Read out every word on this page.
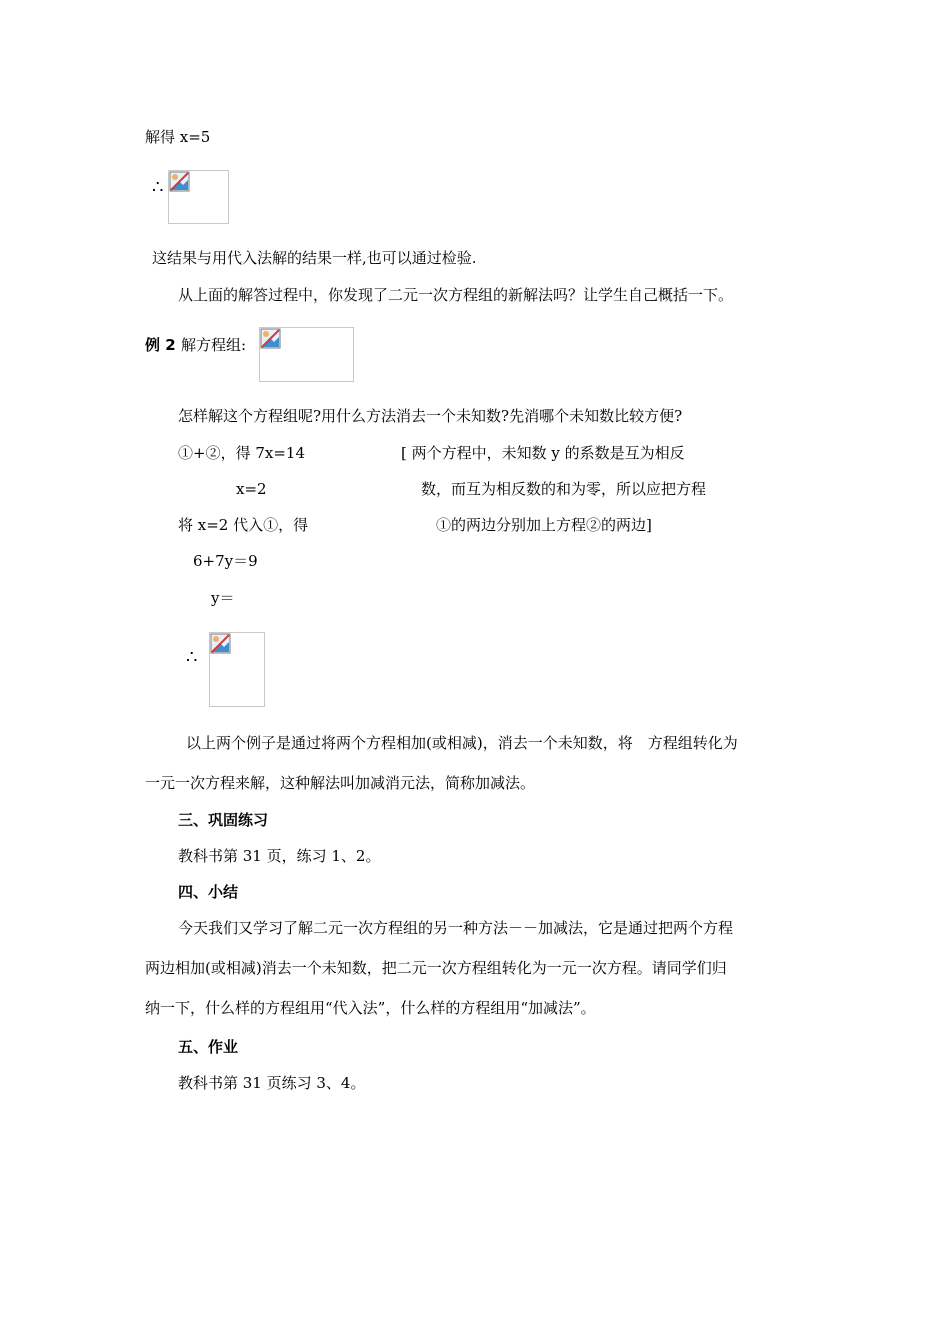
解得 x=5
∴
这结果与用代入法解的结果一样,也可以通过检验.
从上面的解答过程中，你发现了二元一次方程组的新解法吗？让学生自己概括一下。
例 2 解方程组:
怎样解这个方程组呢?用什么方法消去一个未知数?先消哪个未知数比较方便?
①+②，得 7x=14	[ 两个方程中，未知数 y 的系数是互为相反
x=2	数，而互为相反数的和为零，所以应把方程
将 x=2 代入①，得	①的两边分别加上方程②的两边]
6+7y＝9
y＝
∴
以上两个例子是通过将两个方程相加(或相减)，消去一个未知数，将　方程组转化为
一元一次方程来解，这种解法叫加减消元法，简称加减法。
三、巩固练习
教科书第 31 页，练习 1、2。
四、小结
今天我们又学习了解二元一次方程组的另一种方法－－加减法，它是通过把两个方程
两边相加(或相减)消去一个未知数，把二元一次方程组转化为一元一次方程。请同学们归
纳一下，什么样的方程组用“代入法”，什么样的方程组用“加减法”。
五、作业
教科书第 31 页练习 3、4。
